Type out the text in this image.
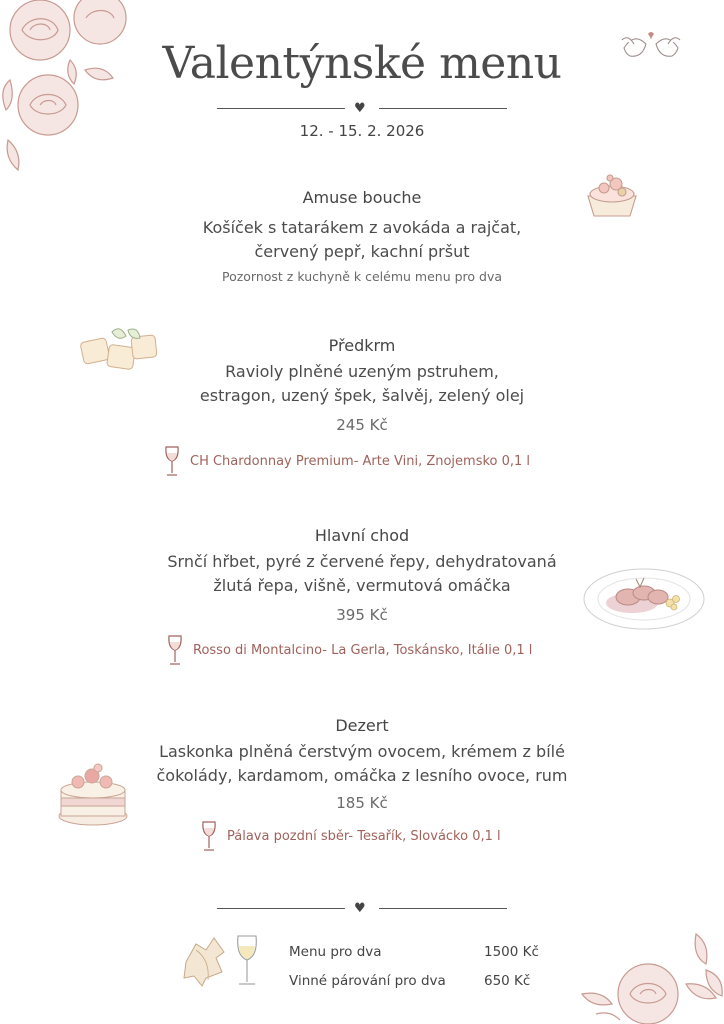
Valentýnské menu
♥
12. - 15. 2. 2026
Amuse bouche
Košíček s tatarákem z avokáda a rajčat,
červený pepř, kachní pršut
Pozornost z kuchyně k celému menu pro dva
Předkrm
Ravioly plněné uzeným pstruhem,
estragon, uzený špek, šalvěj, zelený olej
245 Kč
CH Chardonnay Premium- Arte Vini, Znojemsko 0,1 l
Hlavní chod
Srnčí hřbet, pyré z červené řepy, dehydratovaná
žlutá řepa, višně, vermutová omáčka
395 Kč
Rosso di Montalcino- La Gerla, Toskánsko, Itálie 0,1 l
Dezert
Laskonka plněná čerstvým ovocem, krémem z bílé
čokolády, kardamom, omáčka z lesního ovoce, rum
185 Kč
Pálava pozdní sběr- Tesařík, Slovácko 0,1 l
♥
Menu pro dva	1500 Kč
Vinné párování pro dva	650 Kč
